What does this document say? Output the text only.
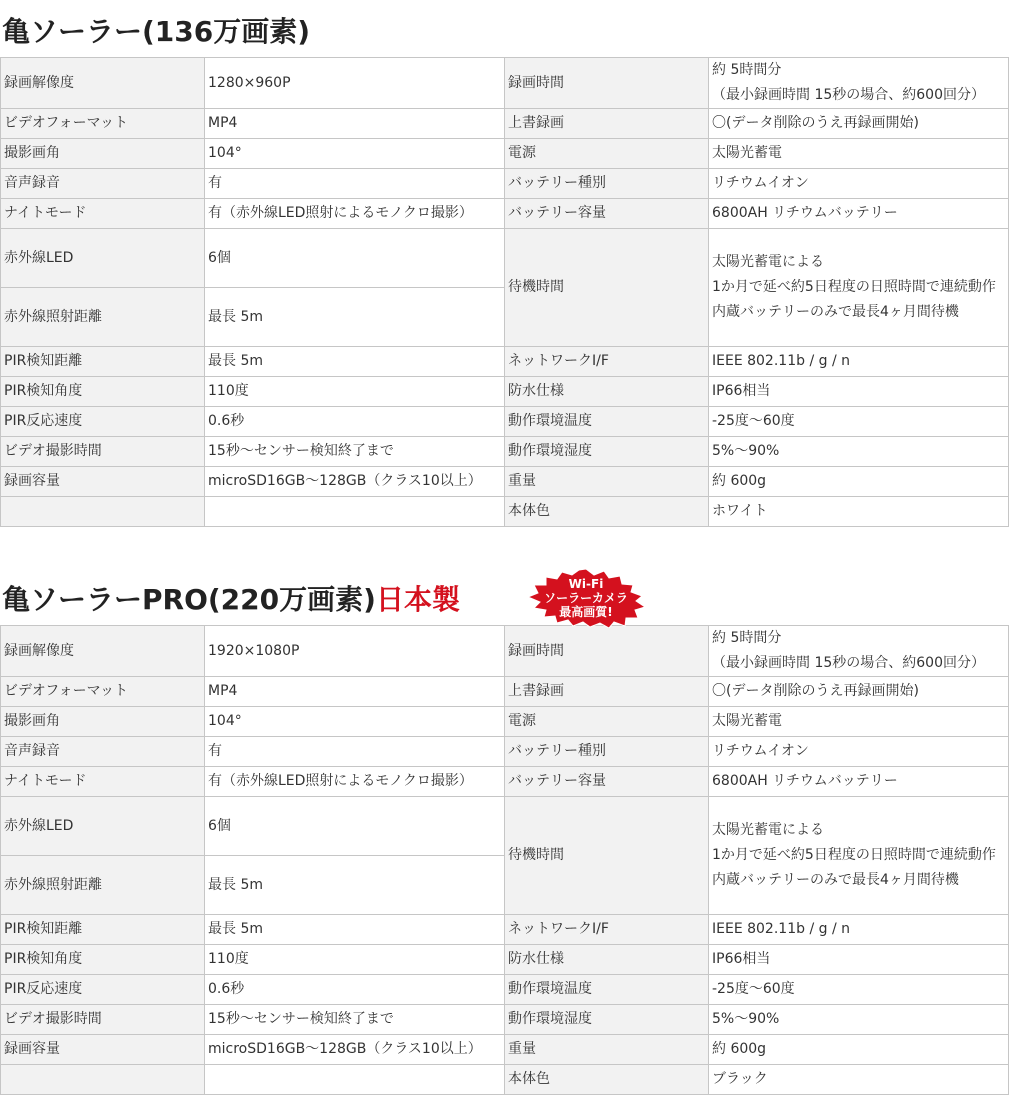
亀ソーラー(136万画素)
録画解像度	1280×960P	録画時間	約 5時間分
（最小録画時間 15秒の場合、約600回分）

ビデオフォーマット	MP4	上書録画	〇(データ削除のうえ再録画開始)
撮影画角	104°	電源	太陽光蓄電
音声録音	有	バッテリー種別	リチウムイオン
ナイトモード	有（赤外線LED照射によるモノクロ撮影）	バッテリー容量	6800AH リチウムバッテリー
赤外線LED	6個	待機時間	太陽光蓄電による
1か月で延べ約5日程度の日照時間で連続動作
内蔵バッテリーのみで最長4ヶ月間待機

赤外線照射距離	最長 5m		
PIR検知距離	最長 5m	ネットワークI/F	IEEE 802.11b / g / n
PIR検知角度	110度	防水仕様	IP66相当
PIR反応速度	0.6秒	動作環境温度	-25度～60度
ビデオ撮影時間	15秒～センサー検知終了まで	動作環境湿度	5%～90%
録画容量	microSD16GB～128GB（クラス10以上）	重量	約 600g
		本体色	ホワイト
亀ソーラーPRO(220万画素)日本製	Wi-Fi
ソーラーカメラ
最高画質!
録画解像度	1920×1080P	録画時間	約 5時間分
（最小録画時間 15秒の場合、約600回分）

ビデオフォーマット	MP4	上書録画	〇(データ削除のうえ再録画開始)
撮影画角	104°	電源	太陽光蓄電
音声録音	有	バッテリー種別	リチウムイオン
ナイトモード	有（赤外線LED照射によるモノクロ撮影）	バッテリー容量	6800AH リチウムバッテリー
赤外線LED	6個	待機時間	太陽光蓄電による
1か月で延べ約5日程度の日照時間で連続動作
内蔵バッテリーのみで最長4ヶ月間待機

赤外線照射距離	最長 5m		
PIR検知距離	最長 5m	ネットワークI/F	IEEE 802.11b / g / n
PIR検知角度	110度	防水仕様	IP66相当
PIR反応速度	0.6秒	動作環境温度	-25度～60度
ビデオ撮影時間	15秒～センサー検知終了まで	動作環境湿度	5%～90%
録画容量	microSD16GB～128GB（クラス10以上）	重量	約 600g
		本体色	ブラック
